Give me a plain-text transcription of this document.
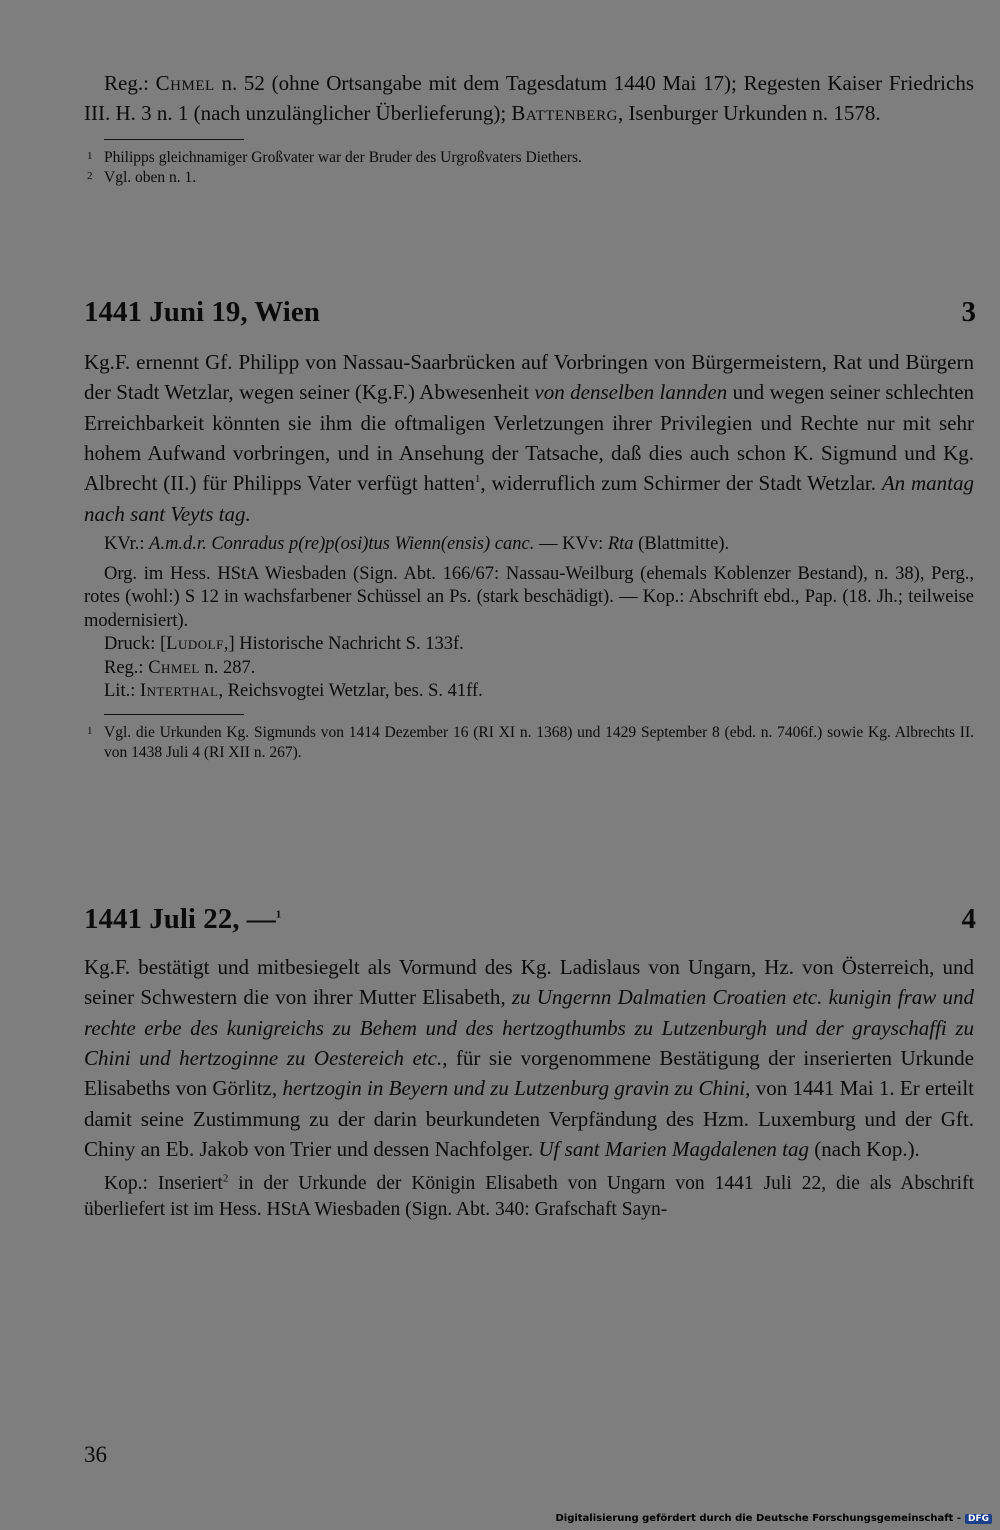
Reg.: Chmel n. 52 (ohne Ortsangabe mit dem Tagesdatum 1440 Mai 17); Regesten Kaiser Friedrichs III. H. 3 n. 1 (nach unzulänglicher Überlieferung); Battenberg, Isenburger Urkunden n. 1578.

1 Philipps gleichnamiger Großvater war der Bruder des Urgroßvaters Diethers.

2 Vgl. oben n. 1.

1441 Juni 19, Wien	3

Kg.F. ernennt Gf. Philipp von Nassau-Saarbrücken auf Vorbringen von Bürgermeistern, Rat und Bürgern der Stadt Wetzlar, wegen seiner (Kg.F.) Abwesenheit von denselben lannden und wegen seiner schlechten Erreichbarkeit könnten sie ihm die oftmaligen Verletzungen ihrer Privilegien und Rechte nur mit sehr hohem Aufwand vorbringen, und in Ansehung der Tatsache, daß dies auch schon K. Sigmund und Kg. Albrecht (II.) für Philipps Vater verfügt hatten$^1$, widerruflich zum Schirmer der Stadt Wetzlar. An mantag nach sant Veyts tag.

KVr.: A.m.d.r. Conradus p(re)p(osi)tus Wienn(ensis) canc. — KVv: Rta (Blattmitte).

Org. im Hess. HStA Wiesbaden (Sign. Abt. 166/67: Nassau-Weilburg (ehemals Koblenzer Bestand), n. 38), Perg., rotes (wohl:) S 12 in wachsfarbener Schüssel an Ps. (stark beschädigt). — Kop.: Abschrift ebd., Pap. (18. Jh.; teilweise modernisiert).

Druck: [Ludolf,] Historische Nachricht S. 133f.

Reg.: Chmel n. 287.

Lit.: Interthal, Reichsvogtei Wetzlar, bes. S. 41ff.

1 Vgl. die Urkunden Kg. Sigmunds von 1414 Dezember 16 (RI XI n. 1368) und 1429 September 8 (ebd. n. 7406f.) sowie Kg. Albrechts II. von 1438 Juli 4 (RI XII n. 267).

1441 Juli 22, —$^1$	4

Kg.F. bestätigt und mitbesiegelt als Vormund des Kg. Ladislaus von Ungarn, Hz. von Österreich, und seiner Schwestern die von ihrer Mutter Elisabeth, zu Ungernn Dalmatien Croatien etc. kunigin fraw und rechte erbe des kunigreichs zu Behem und des hertzogthumbs zu Lutzenburgh und der grayschaffi zu Chini und hertzoginne zu Oestereich etc., für sie vorgenommene Bestätigung der inserierten Urkunde Elisabeths von Görlitz, hertzogin in Beyern und zu Lutzenburg gravin zu Chini, von 1441 Mai 1. Er erteilt damit seine Zustimmung zu der darin beurkundeten Verpfändung des Hzm. Luxemburg und der Gft. Chiny an Eb. Jakob von Trier und dessen Nachfolger. Uf sant Marien Magdalenen tag (nach Kop.).

Kop.: Inseriert$^2$ in der Urkunde der Königin Elisabeth von Ungarn von 1441 Juli 22, die als Abschrift überliefert ist im Hess. HStA Wiesbaden (Sign. Abt. 340: Grafschaft Sayn-

36
Digitalisierung gefördert durch die Deutsche Forschungsgemeinschaft - DFG
